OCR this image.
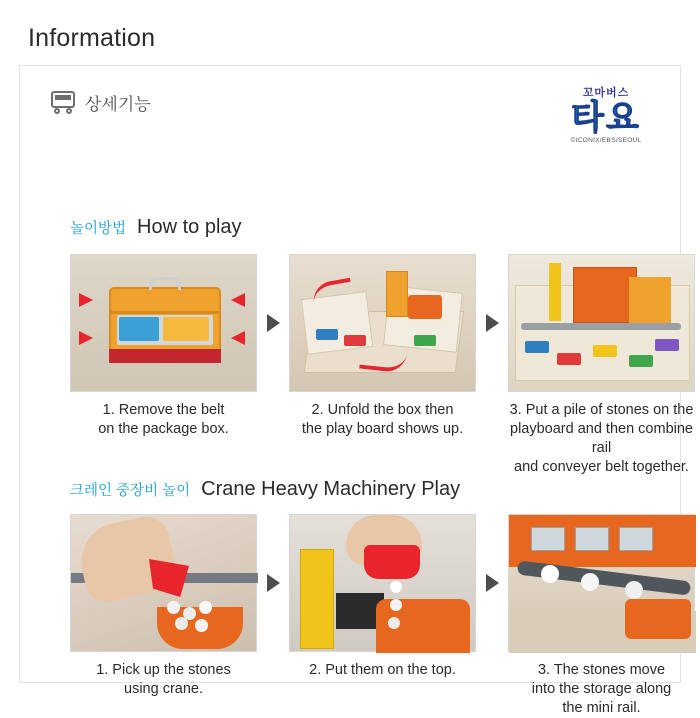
Information
상세기능
꼬마버스
타요
©ICONIX/EBS/SEOUL
놀이방법 How to play
1. Remove the belt
on the package box.
2. Unfold the box then
the play board shows up.
3. Put a pile of stones on the
playboard and then combine rail
and conveyer belt together.
크레인 중장비 놀이 Crane Heavy Machinery Play
1. Pick up the stones
using crane.
2. Put them on the top.	3. The stones move
into the storage along
the mini rail.
